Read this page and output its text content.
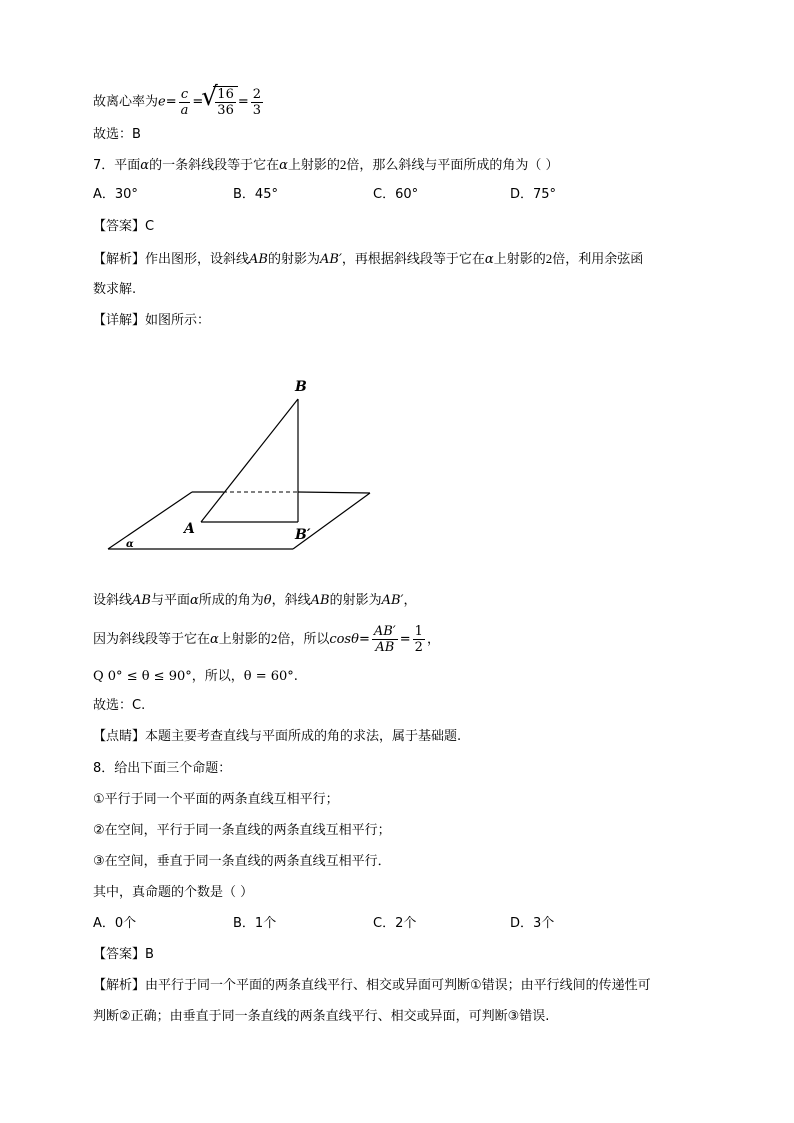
故离心率为$e= \frac{c}{a}$ =
√ $\frac{16}{36} = \frac{2}{3}$
故选：B
7．平面α的一条斜线段等于它在α上射影的2倍，那么斜线与平面所成的角为（ ）
A．30°	B．45°	C．60°	D．75°
【答案】C
【解析】作出图形，设斜线AB的射影为AB′，再根据斜线段等于它在α上射影的2倍，利用余弦函
数求解.
【详解】如图所示：
B
A	B′
α
设斜线AB与平面α所成的角为θ，斜线AB的射影为AB′，
因为斜线段等于它在α上射影的2倍，所以$\cos\theta= \frac{AB'}{AB} = \frac{1}{2}$ ，
Q 0° ≤ θ ≤ 90°，所以，θ = 60°.
故选：C.
【点睛】本题主要考查直线与平面所成的角的求法，属于基础题.
8．给出下面三个命题：
①平行于同一个平面的两条直线互相平行；
②在空间，平行于同一条直线的两条直线互相平行；
③在空间，垂直于同一条直线的两条直线互相平行．
其中，真命题的个数是（ ）
A．0个	B．1个	C．2个	D．3个
【答案】B
【解析】由平行于同一个平面的两条直线平行、相交或异面可判断①错误；由平行线间的传递性可
判断②正确；由垂直于同一条直线的两条直线平行、相交或异面，可判断③错误.
